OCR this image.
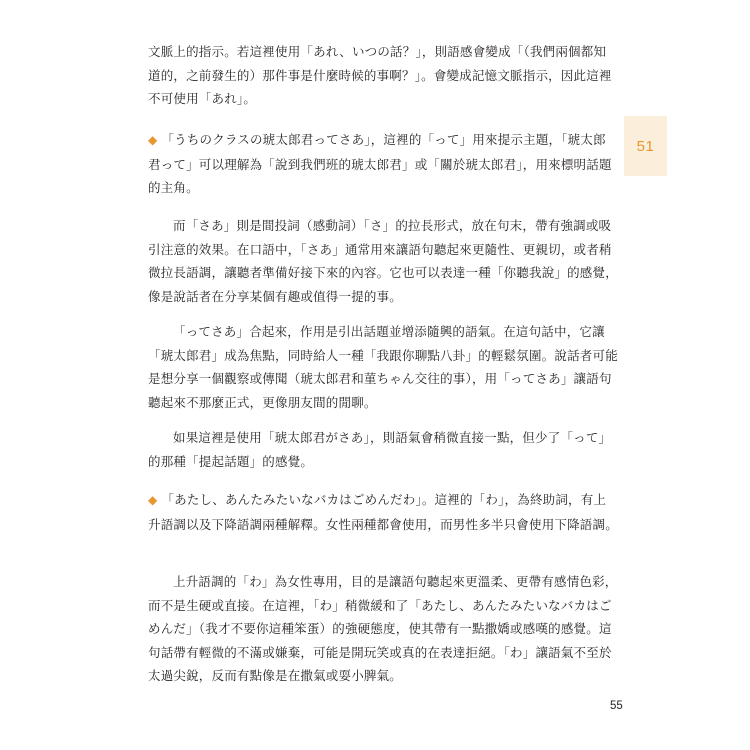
文脈上的指示。若這裡使用「あれ、いつの話？」，則語感會變成「（我們兩個都知道的，之前發生的）那件事是什麼時候的事啊？」。會變成記憶文脈指示，因此這裡不可使用「あれ」。

◆ 「うちのクラスの琥太郎君ってさあ」，這裡的「って」用來提示主題，「琥太郎君って」可以理解為「說到我們班的琥太郎君」或「關於琥太郎君」，用來標明話題的主角。

而「さあ」則是間投詞（感動詞）「さ」的拉長形式，放在句末，帶有強調或吸引注意的效果。在口語中，「さあ」通常用來讓語句聽起來更隨性、更親切，或者稍微拉長語調，讓聽者準備好接下來的內容。它也可以表達一種「你聽我說」的感覺，像是說話者在分享某個有趣或值得一提的事。

「ってさあ」合起來，作用是引出話題並增添隨興的語氣。在這句話中，它讓「琥太郎君」成為焦點，同時給人一種「我跟你聊點八卦」的輕鬆氛圍。說話者可能是想分享一個觀察或傳聞（琥太郎君和菫ちゃん交往的事），用「ってさあ」讓語句聽起來不那麼正式，更像朋友間的閒聊。

如果這裡是使用「琥太郎君がさあ」，則語氣會稍微直接一點，但少了「って」的那種「提起話題」的感覺。

◆ 「あたし、あんたみたいなバカはごめんだわ」。這裡的「わ」，為終助詞，有上升語調以及下降語調兩種解釋。女性兩種都會使用，而男性多半只會使用下降語調。

上升語調的「わ」為女性專用，目的是讓語句聽起來更溫柔、更帶有感情色彩，而不是生硬或直接。在這裡，「わ」稍微緩和了「あたし、あんたみたいなバカはごめんだ」（我才不要你這種笨蛋）的強硬態度，使其帶有一點撒嬌或感嘆的感覺。這句話帶有輕微的不滿或嫌棄，可能是開玩笑或真的在表達拒絕。「わ」讓語氣不至於太過尖銳，反而有點像是在撒氣或耍小脾氣。

51
55
